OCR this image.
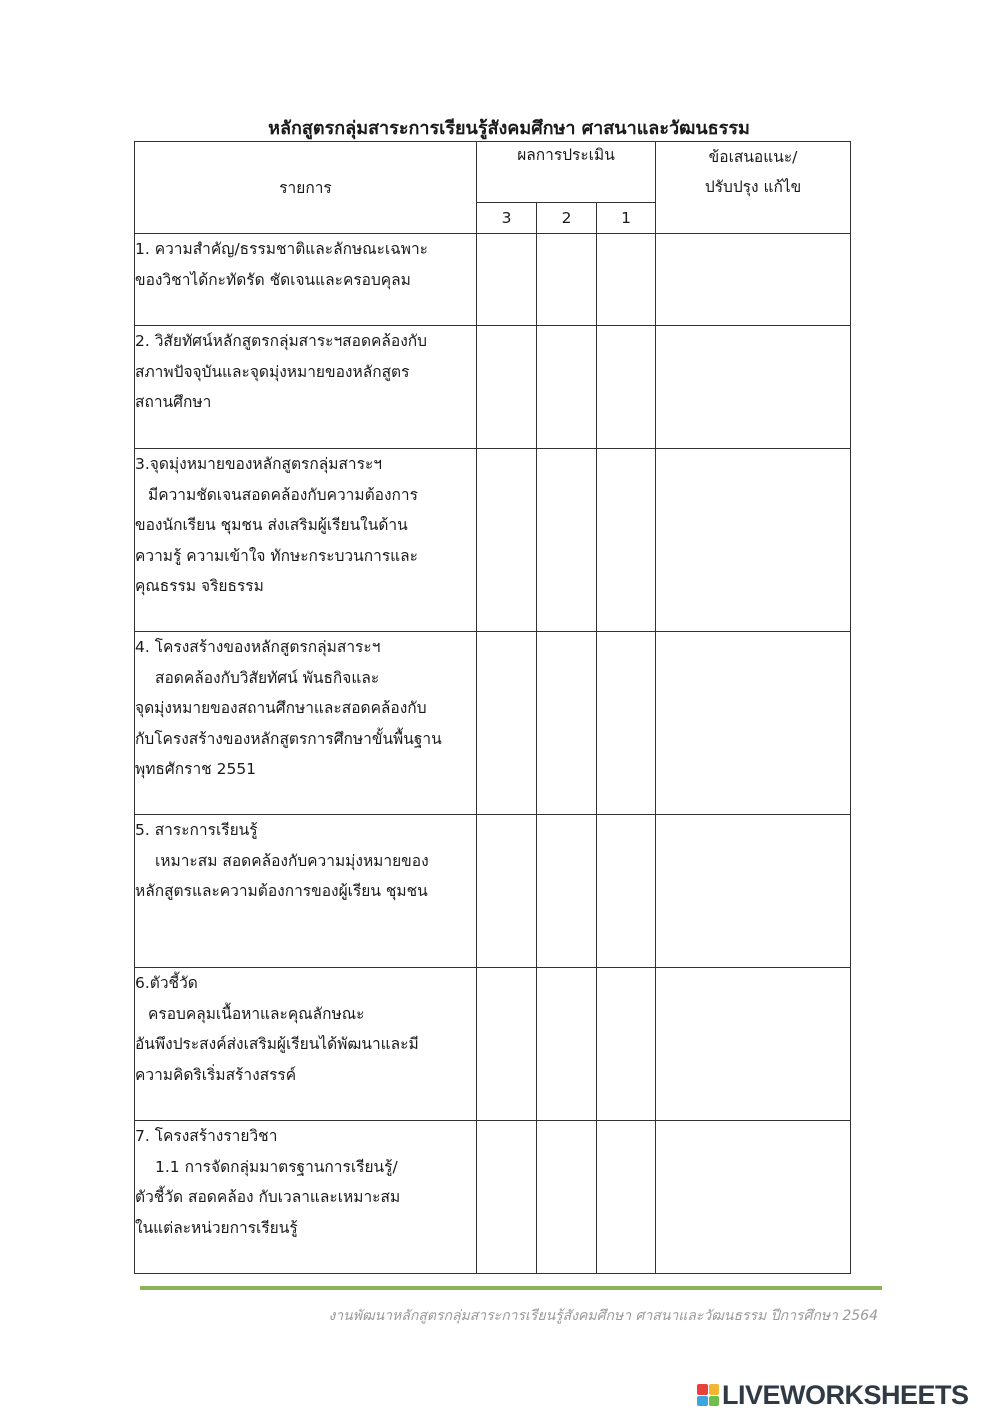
หลักสูตรกลุ่มสาระการเรียนรู้สังคมศึกษา ศาสนาและวัฒนธรรม
รายการ	ผลการประเมิน			ข้อเสนอแนะ/
ปรับปรุง แก้ไข

	3	2	1	

1. ความสำคัญ/ธรรมชาติและลักษณะเฉพาะ
ของวิชาได้กะทัดรัด ชัดเจนและครอบคุลม				

2. วิสัยทัศน์หลักสูตรกลุ่มสาระฯสอดคล้องกับ
สภาพปัจจุบันและจุดมุ่งหมายของหลักสูตร
สถานศึกษา				

3.จุดมุ่งหมายของหลักสูตรกลุ่มสาระฯ
มีความชัดเจนสอดคล้องกับความต้องการ
ของนักเรียน ชุมชน ส่งเสริมผู้เรียนในด้าน
ความรู้ ความเข้าใจ ทักษะกระบวนการและ
คุณธรรม จริยธรรม				

4. โครงสร้างของหลักสูตรกลุ่มสาระฯ
สอดคล้องกับวิสัยทัศน์ พันธกิจและ
จุดมุ่งหมายของสถานศึกษาและสอดคล้องกับ
กับโครงสร้างของหลักสูตรการศึกษาขั้นพื้นฐาน
พุทธศักราช 2551				

5. สาระการเรียนรู้
เหมาะสม สอดคล้องกับความมุ่งหมายของ
หลักสูตรและความต้องการของผู้เรียน ชุมชน				

6.ตัวชี้วัด
ครอบคลุมเนื้อหาและคุณลักษณะ
อันพึงประสงค์ส่งเสริมผู้เรียนได้พัฒนาและมี
ความคิดริเริ่มสร้างสรรค์				

7. โครงสร้างรายวิชา
1.1 การจัดกลุ่มมาตรฐานการเรียนรู้/
ตัวชี้วัด สอดคล้อง กับเวลาและเหมาะสม
ในแต่ละหน่วยการเรียนรู้				

งานพัฒนาหลักสูตรกลุ่มสาระการเรียนรู้สังคมศึกษา ศาสนาและวัฒนธรรม ปีการศึกษา 2564
LIVEWORKSHEETS
